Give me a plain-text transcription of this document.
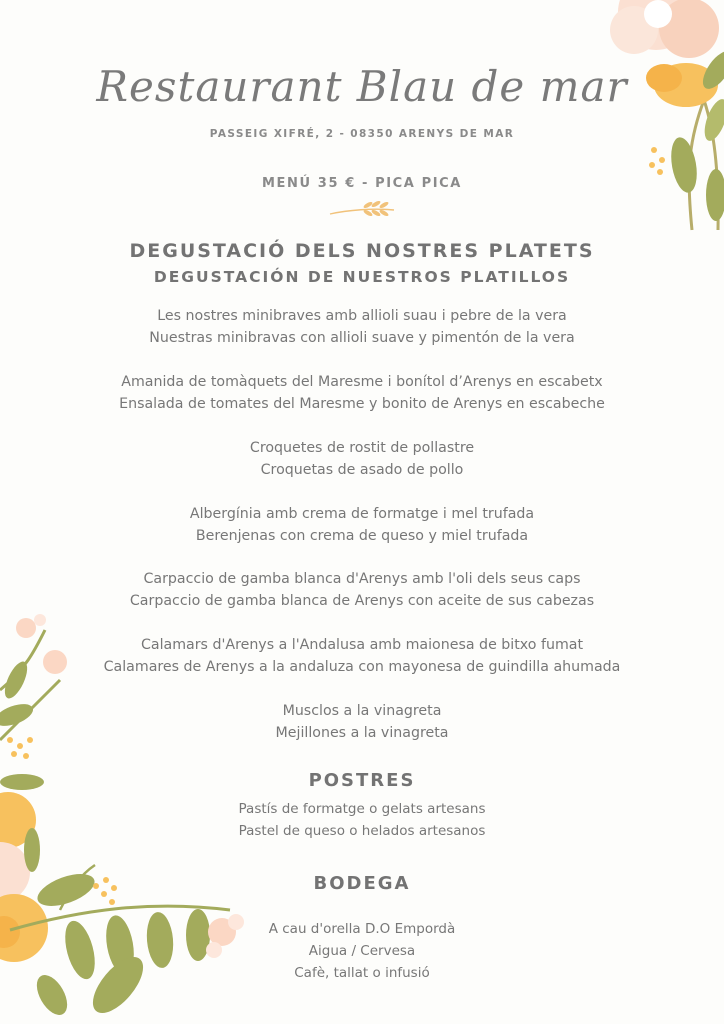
Restaurant Blau de mar
PASSEIG XIFRÉ, 2 - 08350 ARENYS DE MAR
MENÚ 35 € - PICA PICA
DEGUSTACIÓ DELS NOSTRES PLATETS
DEGUSTACIÓN DE NUESTROS PLATILLOS
Les nostres minibraves amb allioli suau i pebre de la vera
Nuestras minibravas con allioli suave y pimentón de la vera
Amanida de tomàquets del Maresme i bonítol d’Arenys en escabetx
Ensalada de tomates del Maresme y bonito de Arenys en escabeche
Croquetes de rostit de pollastre
Croquetas de asado de pollo
Albergínia amb crema de formatge i mel trufada
Berenjenas con crema de queso y miel trufada
Carpaccio de gamba blanca d'Arenys amb l'oli dels seus caps
Carpaccio de gamba blanca de Arenys con aceite de sus cabezas
Calamars d'Arenys a l'Andalusa amb maionesa de bitxo fumat
Calamares de Arenys a la andaluza con mayonesa de guindilla ahumada
Musclos a la vinagreta
Mejillones a la vinagreta
POSTRES
Pastís de formatge o gelats artesans
Pastel de queso o helados artesanos
BODEGA
A cau d'orella D.O Empordà
Aigua / Cervesa
Cafè, tallat o infusió
